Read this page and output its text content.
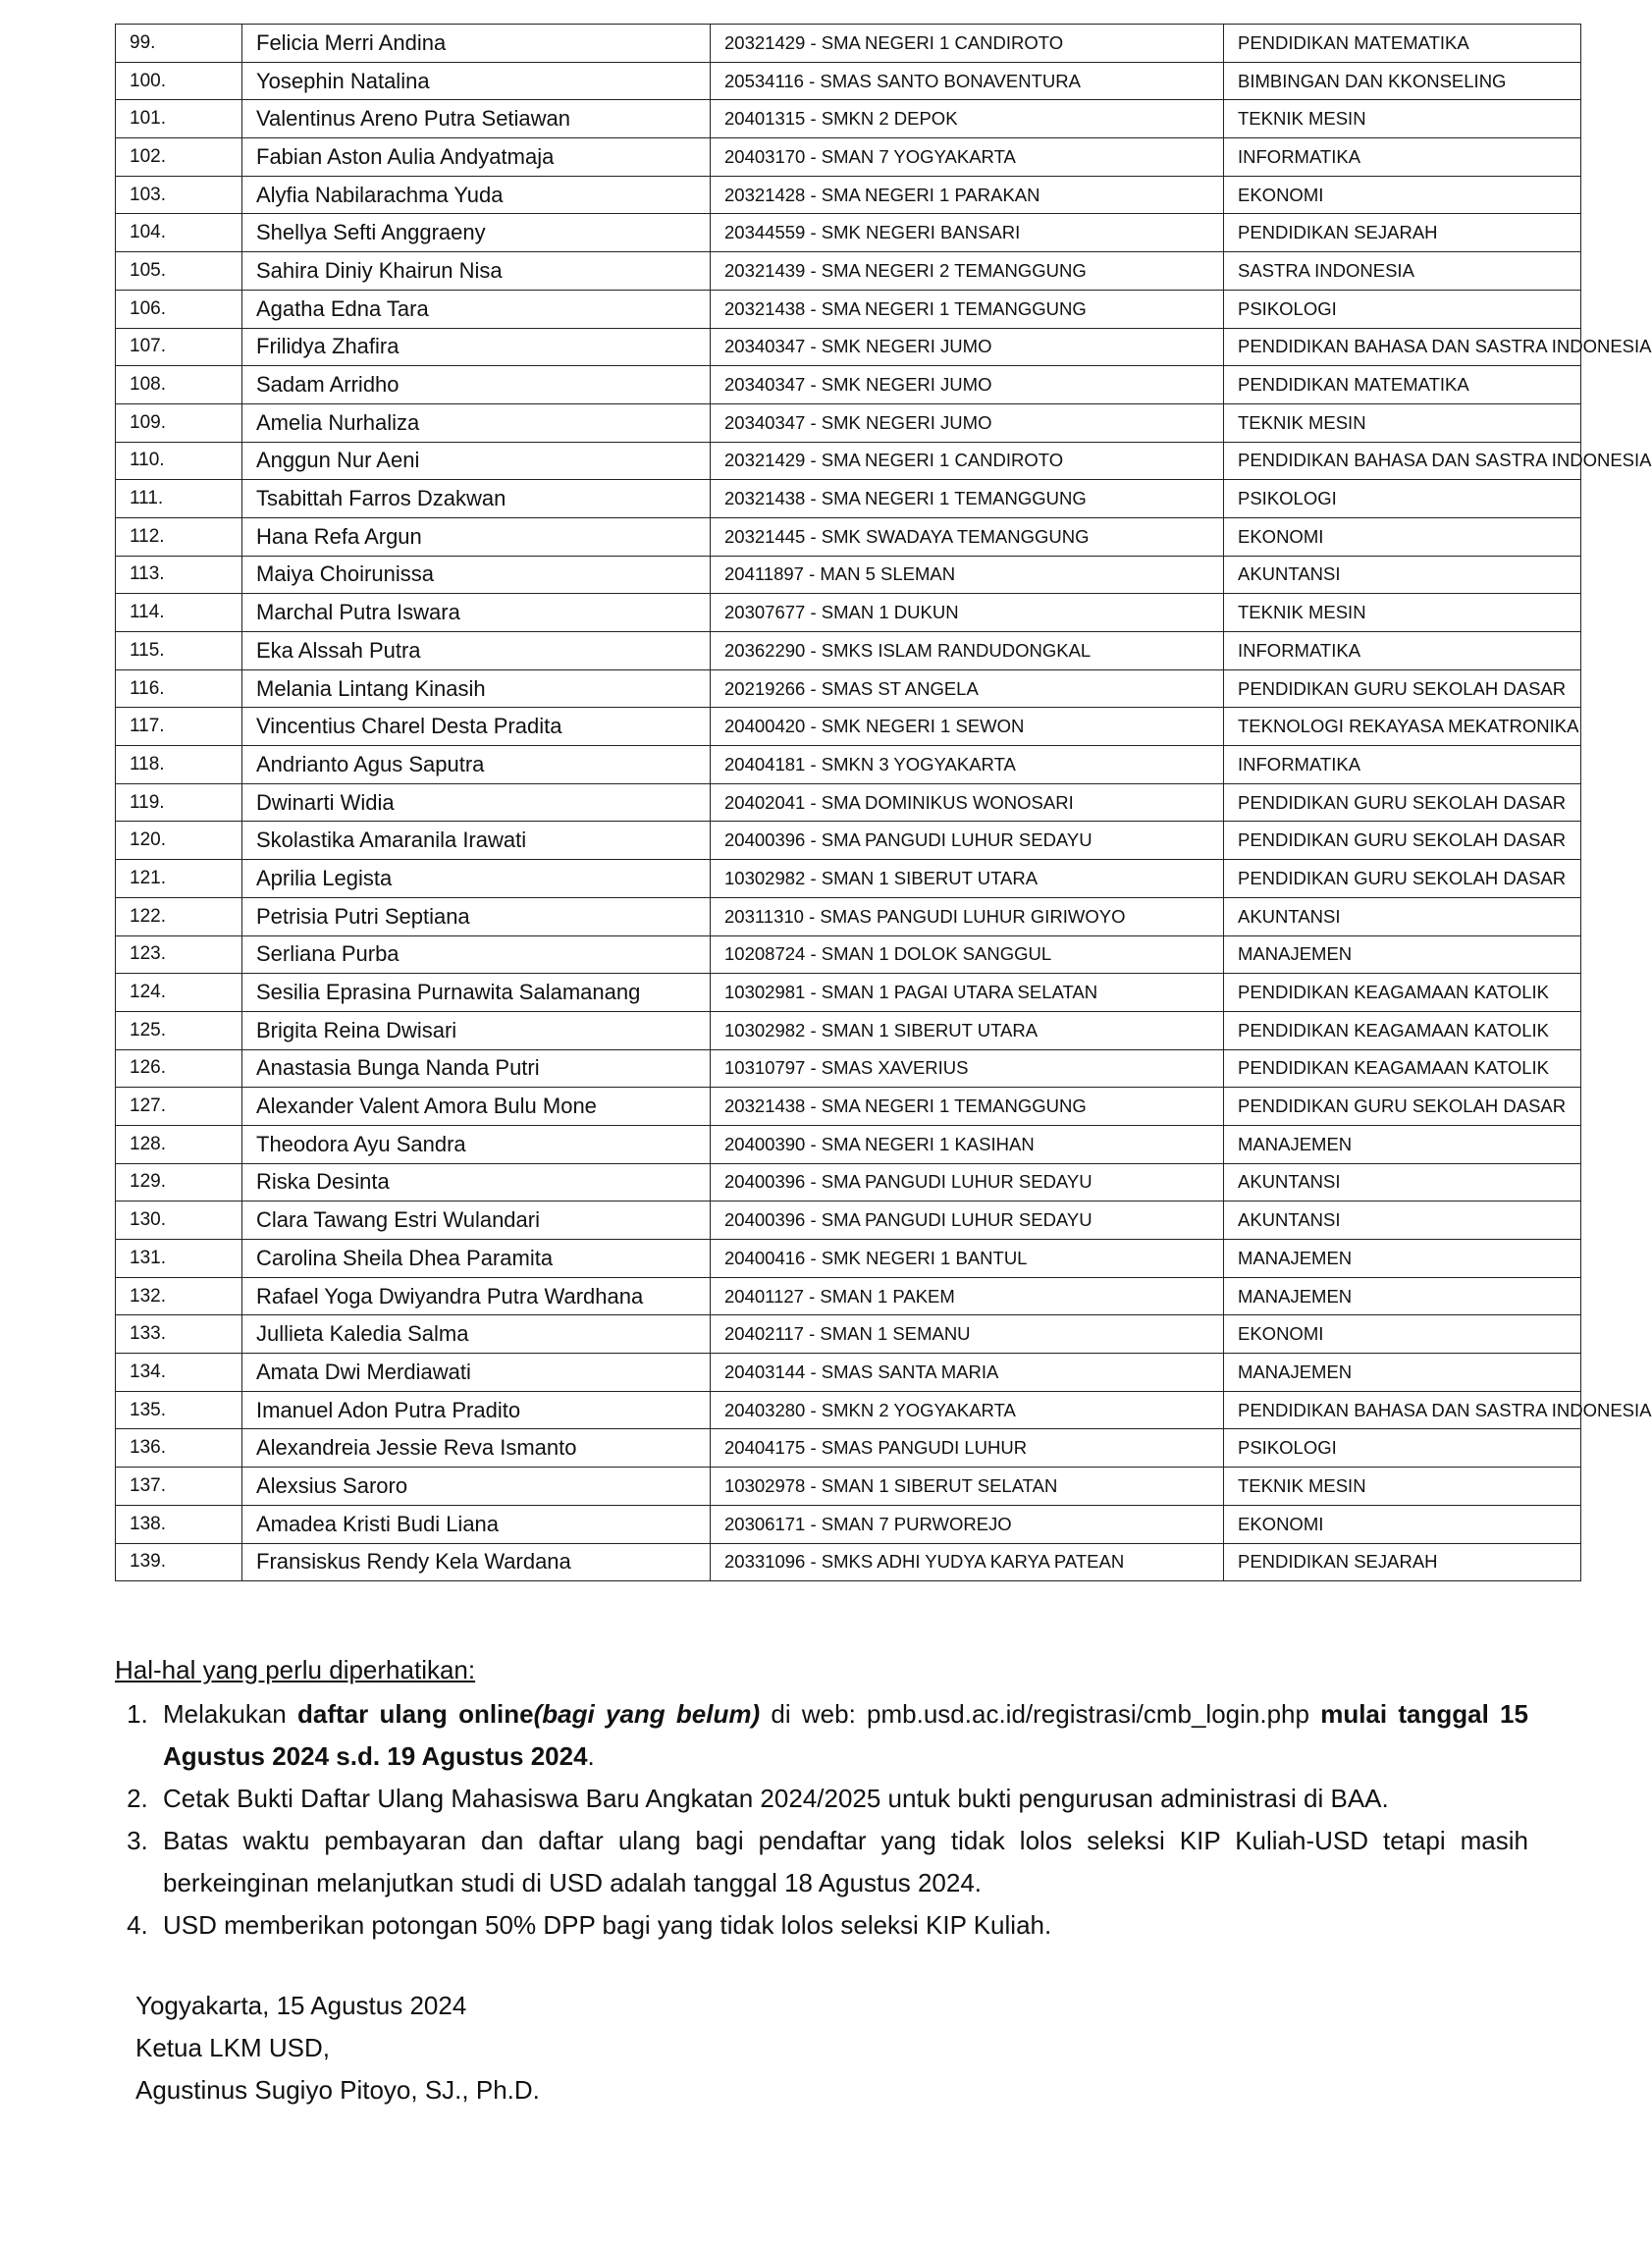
99.	Felicia Merri Andina	20321429 - SMA NEGERI 1 CANDIROTO	PENDIDIKAN MATEMATIKA
100.	Yosephin Natalina	20534116 - SMAS SANTO BONAVENTURA	BIMBINGAN DAN KKONSELING
101.	Valentinus Areno Putra Setiawan	20401315 - SMKN 2 DEPOK	TEKNIK MESIN
102.	Fabian Aston Aulia Andyatmaja	20403170 - SMAN 7 YOGYAKARTA	INFORMATIKA
103.	Alyfia Nabilarachma Yuda	20321428 - SMA NEGERI 1 PARAKAN	EKONOMI
104.	Shellya Sefti Anggraeny	20344559 - SMK NEGERI BANSARI	PENDIDIKAN SEJARAH
105.	Sahira Diniy Khairun Nisa	20321439 - SMA NEGERI 2 TEMANGGUNG	SASTRA INDONESIA
106.	Agatha Edna Tara	20321438 - SMA NEGERI 1 TEMANGGUNG	PSIKOLOGI
107.	Frilidya Zhafira	20340347 - SMK NEGERI JUMO	PENDIDIKAN BAHASA DAN SASTRA INDONESIA
108.	Sadam Arridho	20340347 - SMK NEGERI JUMO	PENDIDIKAN MATEMATIKA
109.	Amelia Nurhaliza	20340347 - SMK NEGERI JUMO	TEKNIK MESIN
110.	Anggun Nur Aeni	20321429 - SMA NEGERI 1 CANDIROTO	PENDIDIKAN BAHASA DAN SASTRA INDONESIA
111.	Tsabittah Farros Dzakwan	20321438 - SMA NEGERI 1 TEMANGGUNG	PSIKOLOGI
112.	Hana Refa Argun	20321445 - SMK SWADAYA TEMANGGUNG	EKONOMI
113.	Maiya Choirunissa	20411897 - MAN 5 SLEMAN	AKUNTANSI
114.	Marchal Putra Iswara	20307677 - SMAN 1 DUKUN	TEKNIK MESIN
115.	Eka Alssah Putra	20362290 - SMKS ISLAM RANDUDONGKAL	INFORMATIKA
116.	Melania Lintang Kinasih	20219266 - SMAS ST ANGELA	PENDIDIKAN GURU SEKOLAH DASAR
117.	Vincentius Charel Desta Pradita	20400420 - SMK NEGERI 1 SEWON	TEKNOLOGI REKAYASA MEKATRONIKA
118.	Andrianto Agus Saputra	20404181 - SMKN 3 YOGYAKARTA	INFORMATIKA
119.	Dwinarti Widia	20402041 - SMA DOMINIKUS WONOSARI	PENDIDIKAN GURU SEKOLAH DASAR
120.	Skolastika Amaranila Irawati	20400396 - SMA PANGUDI LUHUR SEDAYU	PENDIDIKAN GURU SEKOLAH DASAR
121.	Aprilia Legista	10302982 - SMAN 1 SIBERUT UTARA	PENDIDIKAN GURU SEKOLAH DASAR
122.	Petrisia Putri Septiana	20311310 - SMAS PANGUDI LUHUR GIRIWOYO	AKUNTANSI
123.	Serliana Purba	10208724 - SMAN 1 DOLOK SANGGUL	MANAJEMEN
124.	Sesilia Eprasina Purnawita Salamanang	10302981 - SMAN 1 PAGAI UTARA SELATAN	PENDIDIKAN KEAGAMAAN KATOLIK
125.	Brigita Reina Dwisari	10302982 - SMAN 1 SIBERUT UTARA	PENDIDIKAN KEAGAMAAN KATOLIK
126.	Anastasia Bunga Nanda Putri	10310797 - SMAS XAVERIUS	PENDIDIKAN KEAGAMAAN KATOLIK
127.	Alexander Valent Amora Bulu Mone	20321438 - SMA NEGERI 1 TEMANGGUNG	PENDIDIKAN GURU SEKOLAH DASAR
128.	Theodora Ayu Sandra	20400390 - SMA NEGERI 1 KASIHAN	MANAJEMEN
129.	Riska Desinta	20400396 - SMA PANGUDI LUHUR SEDAYU	AKUNTANSI
130.	Clara Tawang Estri Wulandari	20400396 - SMA PANGUDI LUHUR SEDAYU	AKUNTANSI
131.	Carolina Sheila Dhea Paramita	20400416 - SMK NEGERI 1 BANTUL	MANAJEMEN
132.	Rafael Yoga Dwiyandra Putra Wardhana	20401127 - SMAN 1 PAKEM	MANAJEMEN
133.	Jullieta Kaledia Salma	20402117 - SMAN 1 SEMANU	EKONOMI
134.	Amata Dwi Merdiawati	20403144 - SMAS SANTA MARIA	MANAJEMEN
135.	Imanuel Adon Putra Pradito	20403280 - SMKN 2 YOGYAKARTA	PENDIDIKAN BAHASA DAN SASTRA INDONESIA
136.	Alexandreia Jessie Reva Ismanto	20404175 - SMAS PANGUDI LUHUR	PSIKOLOGI
137.	Alexsius Saroro	10302978 - SMAN 1 SIBERUT SELATAN	TEKNIK MESIN
138.	Amadea Kristi Budi Liana	20306171 - SMAN 7 PURWOREJO	EKONOMI
139.	Fransiskus Rendy Kela Wardana	20331096 - SMKS ADHI YUDYA KARYA PATEAN	PENDIDIKAN SEJARAH
Hal-hal yang perlu diperhatikan:
1. Melakukan daftar ulang online(bagi yang belum) di web: pmb.usd.ac.id/registrasi/cmb_login.php mulai tanggal 15 Agustus 2024 s.d. 19 Agustus 2024.
2. Cetak Bukti Daftar Ulang Mahasiswa Baru Angkatan 2024/2025 untuk bukti pengurusan administrasi di BAA.
3. Batas waktu pembayaran dan daftar ulang bagi pendaftar yang tidak lolos seleksi KIP Kuliah-USD tetapi masih berkeinginan melanjutkan studi di USD adalah tanggal 18 Agustus 2024.
4. USD memberikan potongan 50% DPP bagi yang tidak lolos seleksi KIP Kuliah.
Yogyakarta, 15 Agustus 2024
Ketua LKM USD,
Agustinus Sugiyo Pitoyo, SJ., Ph.D.
